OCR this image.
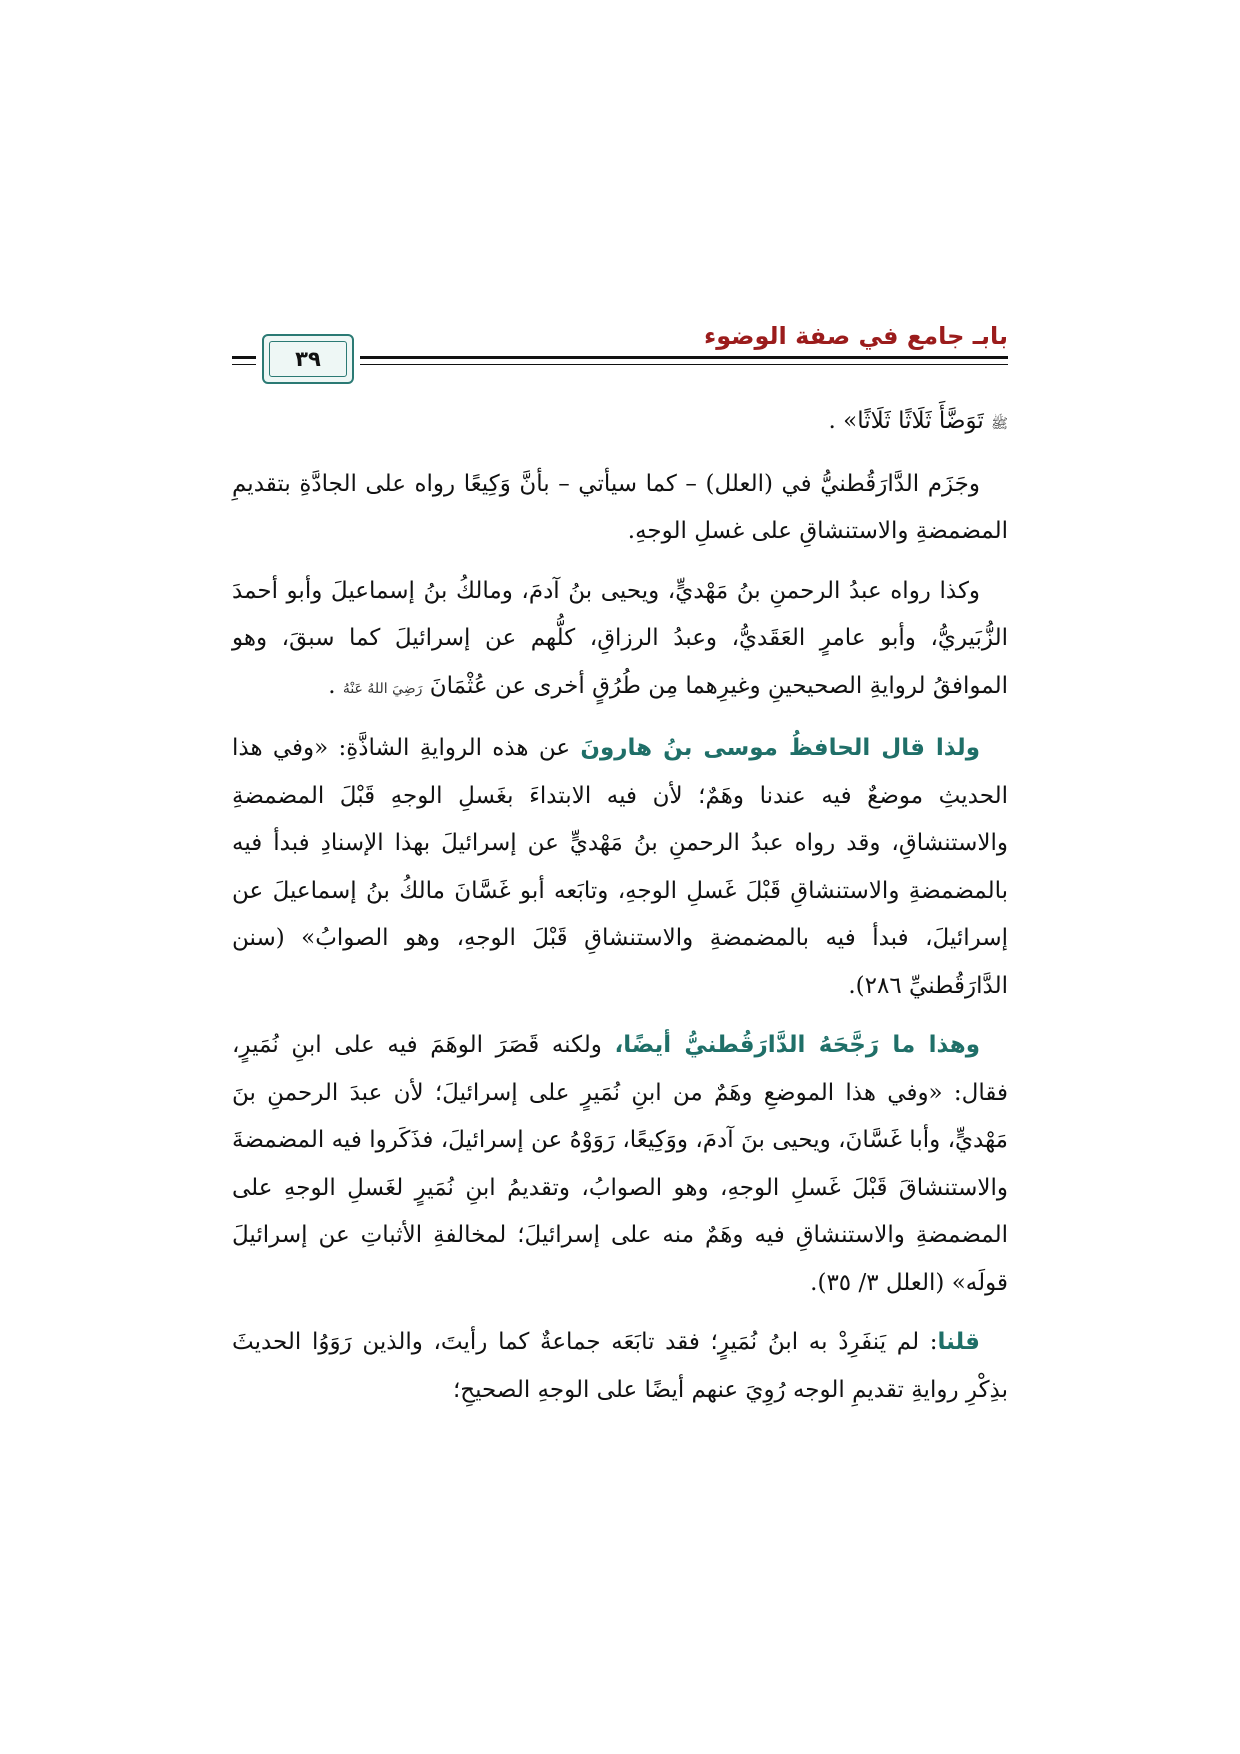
بابـ جامع في صفة الوضوء
٣٩

ﷺ تَوَضَّأَ ثَلَاثًا ثَلَاثًا» .

وجَزَم الدَّارَقُطنيُّ في (العلل) – كما سيأتي – بأنَّ وَكِيعًا رواه على الجادَّةِ بتقديمِ المضمضةِ والاستنشاقِ على غسلِ الوجهِ.

وكذا رواه عبدُ الرحمنِ بنُ مَهْديٍّ، ويحيى بنُ آدمَ، ومالكُ بنُ إسماعيلَ وأبو أحمدَ الزُّبَيريُّ، وأبو عامرٍ العَقَديُّ، وعبدُ الرزاقِ، كلُّهم عن إسرائيلَ كما سبقَ، وهو الموافقُ لروايةِ الصحيحينِ وغيرِهما مِن طُرُقٍ أخرى عن عُثْمَانَ رَضِيَ اللهُ عَنْهُ .

ولذا قال الحافظُ موسى بنُ هارونَ عن هذه الروايةِ الشاذَّةِ: «وفي هذا الحديثِ موضعٌ فيه عندنا وهَمٌ؛ لأن فيه الابتداءَ بغَسلِ الوجهِ قَبْلَ المضمضةِ والاستنشاقِ، وقد رواه عبدُ الرحمنِ بنُ مَهْديٍّ عن إسرائيلَ بهذا الإسنادِ فبدأ فيه بالمضمضةِ والاستنشاقِ قَبْلَ غَسلِ الوجهِ، وتابَعه أبو غَسَّانَ مالكُ بنُ إسماعيلَ عن إسرائيلَ، فبدأ فيه بالمضمضةِ والاستنشاقِ قَبْلَ الوجهِ، وهو الصوابُ» (سنن الدَّارَقُطنيِّ ٢٨٦).

وهذا ما رَجَّحَهُ الدَّارَقُطنيُّ أيضًا، ولكنه قَصَرَ الوهَمَ فيه على ابنِ نُمَيرٍ، فقال: «وفي هذا الموضعِ وهَمٌ من ابنِ نُمَيرٍ على إسرائيلَ؛ لأن عبدَ الرحمنِ بنَ مَهْديٍّ، وأبا غَسَّانَ، ويحيى بنَ آدمَ، ووَكِيعًا، رَوَوْهُ عن إسرائيلَ، فذَكَروا فيه المضمضةَ والاستنشاقَ قَبْلَ غَسلِ الوجهِ، وهو الصوابُ، وتقديمُ ابنِ نُمَيرٍ لغَسلِ الوجهِ على المضمضةِ والاستنشاقِ فيه وهَمٌ منه على إسرائيلَ؛ لمخالفةِ الأثباتِ عن إسرائيلَ قولَه» (العلل ٣/ ٣٥).

قلنا: لم يَنفَرِدْ به ابنُ نُمَيرٍ؛ فقد تابَعَه جماعةٌ كما رأيتَ، والذين رَوَوُا الحديثَ بذِكْرِ روايةِ تقديمِ الوجه رُوِيَ عنهم أيضًا على الوجهِ الصحيحِ؛
